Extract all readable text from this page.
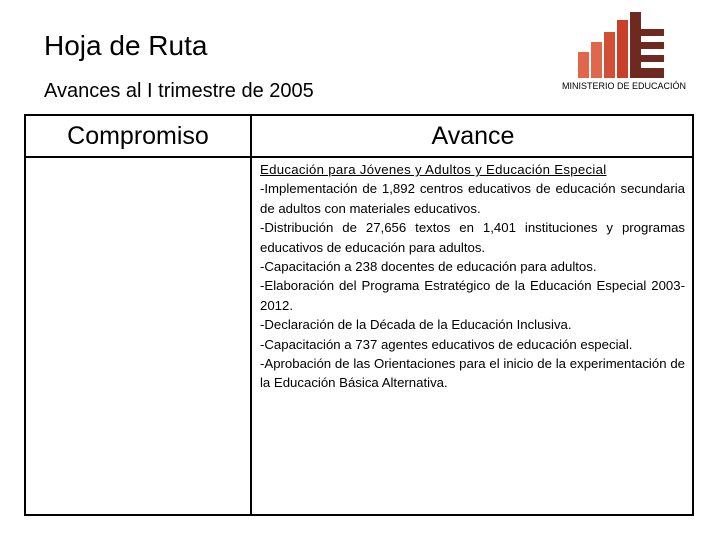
Hoja de Ruta
Avances al I trimestre de 2005	MINISTERIO DE EDUCACIÓN
Compromiso	Avance
Educación para Jóvenes y Adultos y Educación Especial
-Implementación de 1,892 centros educativos de educación secundaria de adultos con materiales educativos.
-Distribución de 27,656 textos en 1,401 instituciones y programas educativos de educación para adultos.
-Capacitación a 238 docentes de educación para adultos.
-Elaboración del Programa Estratégico de la Educación Especial 2003-2012.
-Declaración de la Década de la Educación Inclusiva.
-Capacitación a 737 agentes educativos de educación especial.
-Aprobación de las Orientaciones para el inicio de la experimentación de la Educación Básica Alternativa.
